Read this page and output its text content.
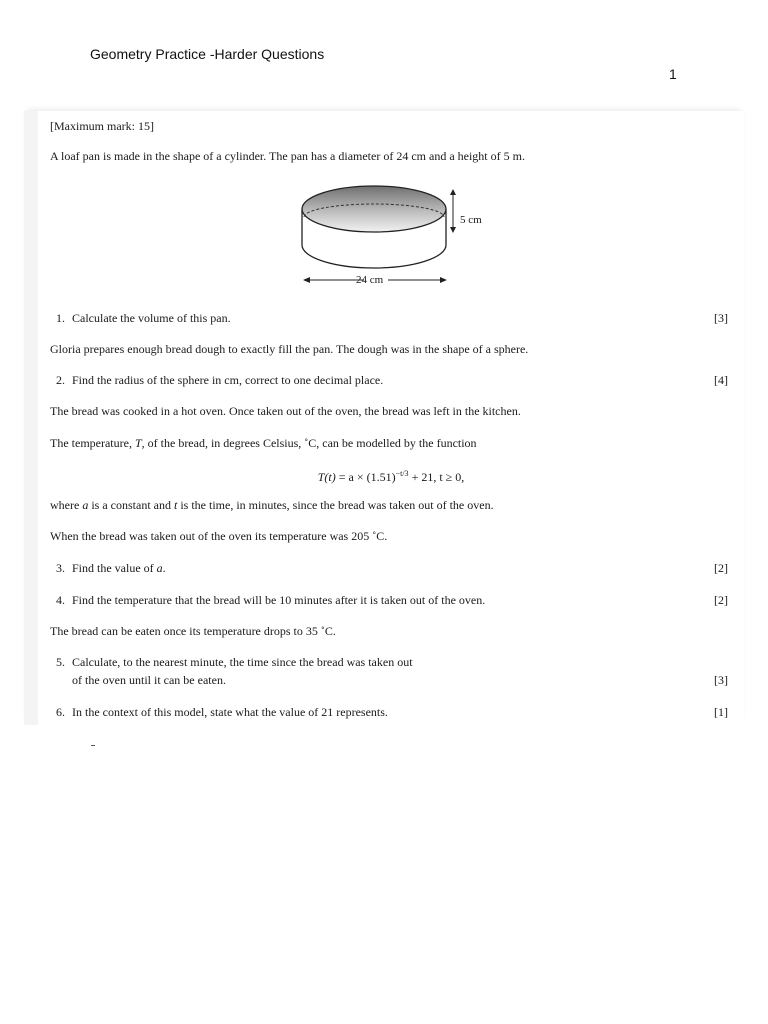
Geometry Practice -Harder Questions
1
[Maximum mark: 15]
A loaf pan is made in the shape of a cylinder. The pan has a diameter of 24 cm and a height of 5 m.
5 cm
24 cm
1. Calculate the volume of this pan.	[3]
Gloria prepares enough bread dough to exactly fill the pan. The dough was in the shape of a sphere.
2. Find the radius of the sphere in cm, correct to one decimal place.	[4]
The bread was cooked in a hot oven. Once taken out of the oven, the bread was left in the kitchen.
The temperature, T, of the bread, in degrees Celsius, ˚C, can be modelled by the function
$T(t) = a \times (1.51)^{-t/3} + 21$, t ≥ 0,
where a is a constant and t is the time, in minutes, since the bread was taken out of the oven.
When the bread was taken out of the oven its temperature was 205 ˚C.
3. Find the value of a.	[2]
4. Find the temperature that the bread will be 10 minutes after it is taken out of the oven.	[2]
The bread can be eaten once its temperature drops to 35 ˚C.
5. Calculate, to the nearest minute, the time since the bread was taken out
of the oven until it can be eaten.	[3]
6. In the context of this model, state what the value of 21 represents.	[1]
